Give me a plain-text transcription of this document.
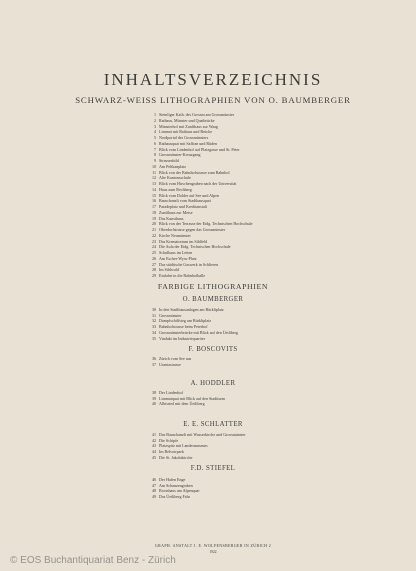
INHALTSVERZEICHNIS
SCHWARZ-WEISS LITHOGRAPHIEN VON O. BAUMBERGER
1 Steinliger Kath. des Grossm am Grossmünster
2 Rathaus, Münster und Quaibrücke
3 Münsterhof mit Zunfthaus zur Waag
4 Limmat mit Rathaus und Brücke
5 Nordportal des Grossmünsters
6 Rathausquai mit Saffran und Rüden
7 Blick vom Lindenhof auf Platzgasse und St. Peter
8 Grossmünster-Kreuzgang
9 Strassenbild
10 Am Pelikanplatz
11 Blick von der Bahnhofstrasse zum Bahnhof
12 Alte Kantonsschule
13 Blick vom Hirschengraben nach der Universität
14 Haus zum Rechberg
15 Blick vom Dolder auf See und Alpen
16 Bauschanzli vom Stadthausquai
17 Paradeplatz und Kreditanstalt
18 Zunfthaus zur Meise
19 Das Kunsthaus
20 Blick von der Terrasse der Eidg. Technischen Hochschule
21 Oberdorfstrasse gegen das Grossmünster
22 Kirche Neumünster
23 Das Krematorium im Sihlfeld
24 Die Aula der Eidg. Technischen Hochschule
25 Schulhaus im Letten
26 Am Escher-Wyss-Platz
27 Das städtische Gaswerk in Schlieren
28 Im Sihlwald
29 Einfahrt in die Bahnhofhalle
FARBIGE LITHOGRAPHIEN
O. BAUMBERGER
30 In den Stadthausanlagen am Bürkliplatz
31 Grossmünster
32 Dampfschiffsteg am Bürkliplatz
33 Bahnhofstrasse beim Peterhof
34 Grossmünsterbrücke mit Blick auf den Üetliberg
35 Viadukt im Industriequartier
F. BOSCOVITS
36 Zürich vom See aus
37 Uraniastrasse
A. HODDLER
38 Der Lindenhof
39 Limmatquai mit Blick auf den Stadtturm
40 Albisried mit dem Üetliberg
E. E. SCHLATTER
41 Das Bauschanzli mit Wasserkirche und Grossmünster
42 Die Schipfe
43 Platzspitz mit Landesmuseum
44 Im Belvoirpark
45 Die St. Jakobskirche
F.D. STIEFEL
46 Der Hafen Enge
47 Am Schanzengraben
48 Bootshaus am Alpenquai
49 Das Üetliberg Fahr
GRAPH. ANSTALT J. E. WOLFENSBERGER IN ZÜRICH 2
1922
© EOS Buchantiquariat Benz - Zürich
